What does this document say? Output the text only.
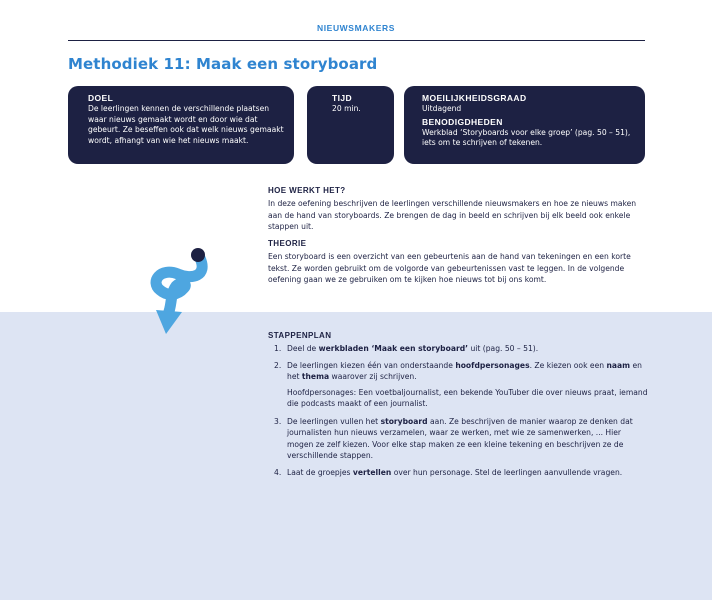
NIEUWSMAKERS
Methodiek 11: Maak een storyboard
DOEL
De leerlingen kennen de verschillende plaatsen waar nieuws gemaakt wordt en door wie dat gebeurt. Ze beseffen ook dat welk nieuws gemaakt wordt, afhangt van wie het nieuws maakt.
TIJD
20 min.
MOEILIJKHEIDSGRAAD
Uitdagend
BENODIGDHEDEN
Werkblad ‘Storyboards voor elke groep’ (pag. 50 – 51), iets om te schrijven of tekenen.
HOE WERKT HET?

In deze oefening beschrijven de leerlingen verschillende nieuwsmakers en hoe ze nieuws maken aan de hand van storyboards. Ze brengen de dag in beeld en schrijven bij elk beeld ook enkele stappen uit.

THEORIE

Een storyboard is een overzicht van een gebeurtenis aan de hand van tekeningen en een korte tekst. Ze worden gebruikt om de volgorde van gebeurtenissen vast te leggen. In de volgende oefening gaan we ze gebruiken om te kijken hoe nieuws tot bij ons komt.

STAPPENPLAN
1. Deel de werkbladen ‘Maak een storyboard’ uit (pag. 50 – 51).
2. De leerlingen kiezen één van onderstaande hoofdpersonages. Ze kiezen ook een naam en het thema waarover zij schrijven.

Hoofdpersonages: Een voetbaljournalist, een bekende YouTuber die over nieuws praat, iemand die podcasts maakt of een journalist.

3. De leerlingen vullen het storyboard aan. Ze beschrijven de manier waarop ze denken dat journalisten hun nieuws verzamelen, waar ze werken, met wie ze samenwerken, ... Hier mogen ze zelf kiezen. Voor elke stap maken ze een kleine tekening en beschrijven ze de verschillende stappen.
4. Laat de groepjes vertellen over hun personage. Stel de leerlingen aanvullende vragen.
